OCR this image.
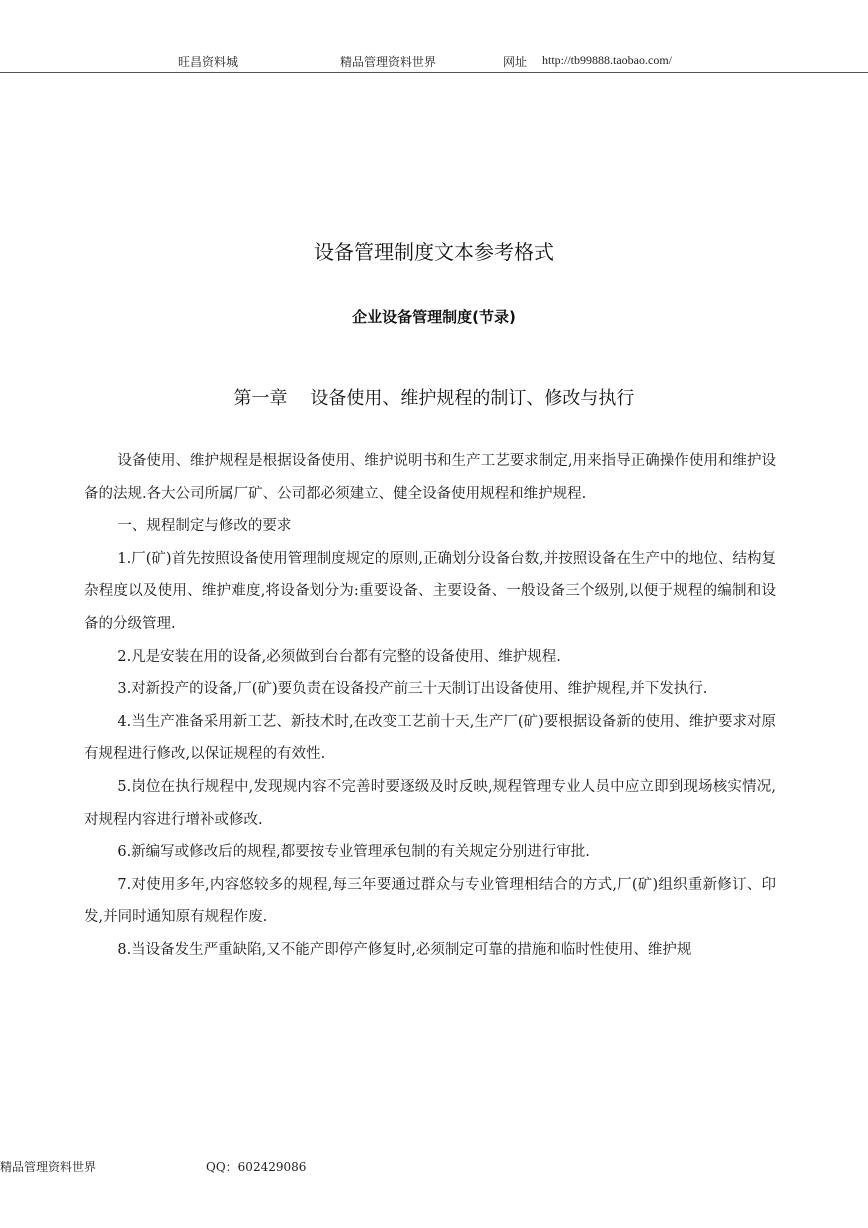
旺昌资料城	精品管理资料世界	网址 http://tb99888.taobao.com/
设备管理制度文本参考格式
企业设备管理制度(节录)
第一章    设备使用、维护规程的制订、修改与执行

设备使用、维护规程是根据设备使用、维护说明书和生产工艺要求制定,用来指导正确操作使用和维护设备的法规.各大公司所属厂矿、公司都必须建立、健全设备使用规程和维护规程.

一、规程制定与修改的要求

1.厂(矿)首先按照设备使用管理制度规定的原则,正确划分设备台数,并按照设备在生产中的地位、结构复杂程度以及使用、维护难度,将设备划分为:重要设备、主要设备、一般设备三个级别,以便于规程的编制和设备的分级管理.

2.凡是安装在用的设备,必须做到台台都有完整的设备使用、维护规程.

3.对新投产的设备,厂(矿)要负责在设备投产前三十天制订出设备使用、维护规程,并下发执行.

4.当生产准备采用新工艺、新技术时,在改变工艺前十天,生产厂(矿)要根据设备新的使用、维护要求对原有规程进行修改,以保证规程的有效性.

5.岗位在执行规程中,发现规内容不完善时要逐级及时反映,规程管理专业人员中应立即到现场核实情况,对规程内容进行增补或修改.

6.新编写或修改后的规程,都要按专业管理承包制的有关规定分别进行审批.

7.对使用多年,内容悠较多的规程,每三年要通过群众与专业管理相结合的方式,厂(矿)组织重新修订、印发,并同时通知原有规程作废.

8.当设备发生严重缺陷,又不能产即停产修复时,必须制定可靠的措施和临时性使用、维护规

精品管理资料世界	QQ：602429086
